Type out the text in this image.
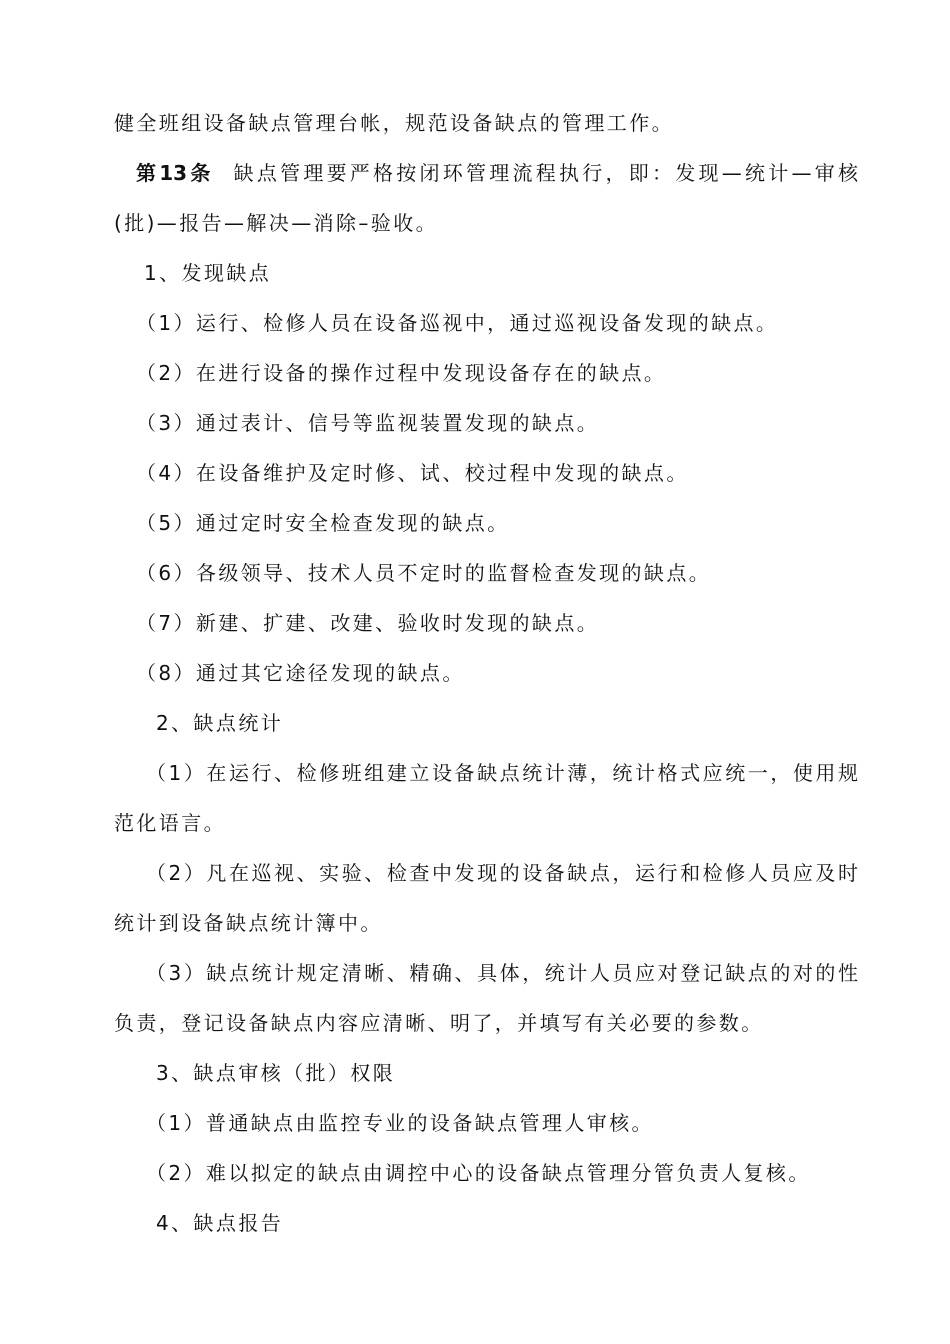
健全班组设备缺点管理台帐，规范设备缺点的管理工作。
第13条 缺点管理要严格按闭环管理流程执行，即：发现—统计—审核
(批)—报告—解决—消除–验收。
1、发现缺点
（1）运行、检修人员在设备巡视中，通过巡视设备发现的缺点。
（2）在进行设备的操作过程中发现设备存在的缺点。
（3）通过表计、信号等监视装置发现的缺点。
（4）在设备维护及定时修、试、校过程中发现的缺点。
（5）通过定时安全检查发现的缺点。
（6）各级领导、技术人员不定时的监督检查发现的缺点。
（7）新建、扩建、改建、验收时发现的缺点。
（8）通过其它途径发现的缺点。
2、缺点统计
（1）在运行、检修班组建立设备缺点统计薄，统计格式应统一，使用规
范化语言。
（2）凡在巡视、实验、检查中发现的设备缺点，运行和检修人员应及时
统计到设备缺点统计簿中。
（3）缺点统计规定清晰、精确、具体，统计人员应对登记缺点的对的性
负责，登记设备缺点内容应清晰、明了，并填写有关必要的参数。
3、缺点审核（批）权限
（1）普通缺点由监控专业的设备缺点管理人审核。
（2）难以拟定的缺点由调控中心的设备缺点管理分管负责人复核。
4、缺点报告
